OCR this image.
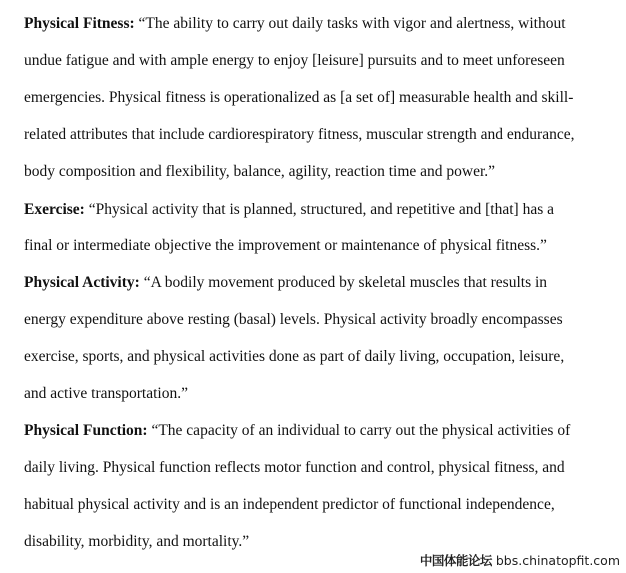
Physical Fitness: “The ability to carry out daily tasks with vigor and alertness, without
undue fatigue and with ample energy to enjoy [leisure] pursuits and to meet unforeseen
emergencies. Physical fitness is operationalized as [a set of] measurable health and skill-
related attributes that include cardiorespiratory fitness, muscular strength and endurance,
body composition and flexibility, balance, agility, reaction time and power.”
Exercise: “Physical activity that is planned, structured, and repetitive and [that] has a
final or intermediate objective the improvement or maintenance of physical fitness.”
Physical Activity: “A bodily movement produced by skeletal muscles that results in
energy expenditure above resting (basal) levels. Physical activity broadly encompasses
exercise, sports, and physical activities done as part of daily living, occupation, leisure,
and active transportation.”
Physical Function: “The capacity of an individual to carry out the physical activities of
daily living. Physical function reflects motor function and control, physical fitness, and
habitual physical activity and is an independent predictor of functional independence,
disability, morbidity, and mortality.”
中国体能论坛 bbs.chinatopfit.com
